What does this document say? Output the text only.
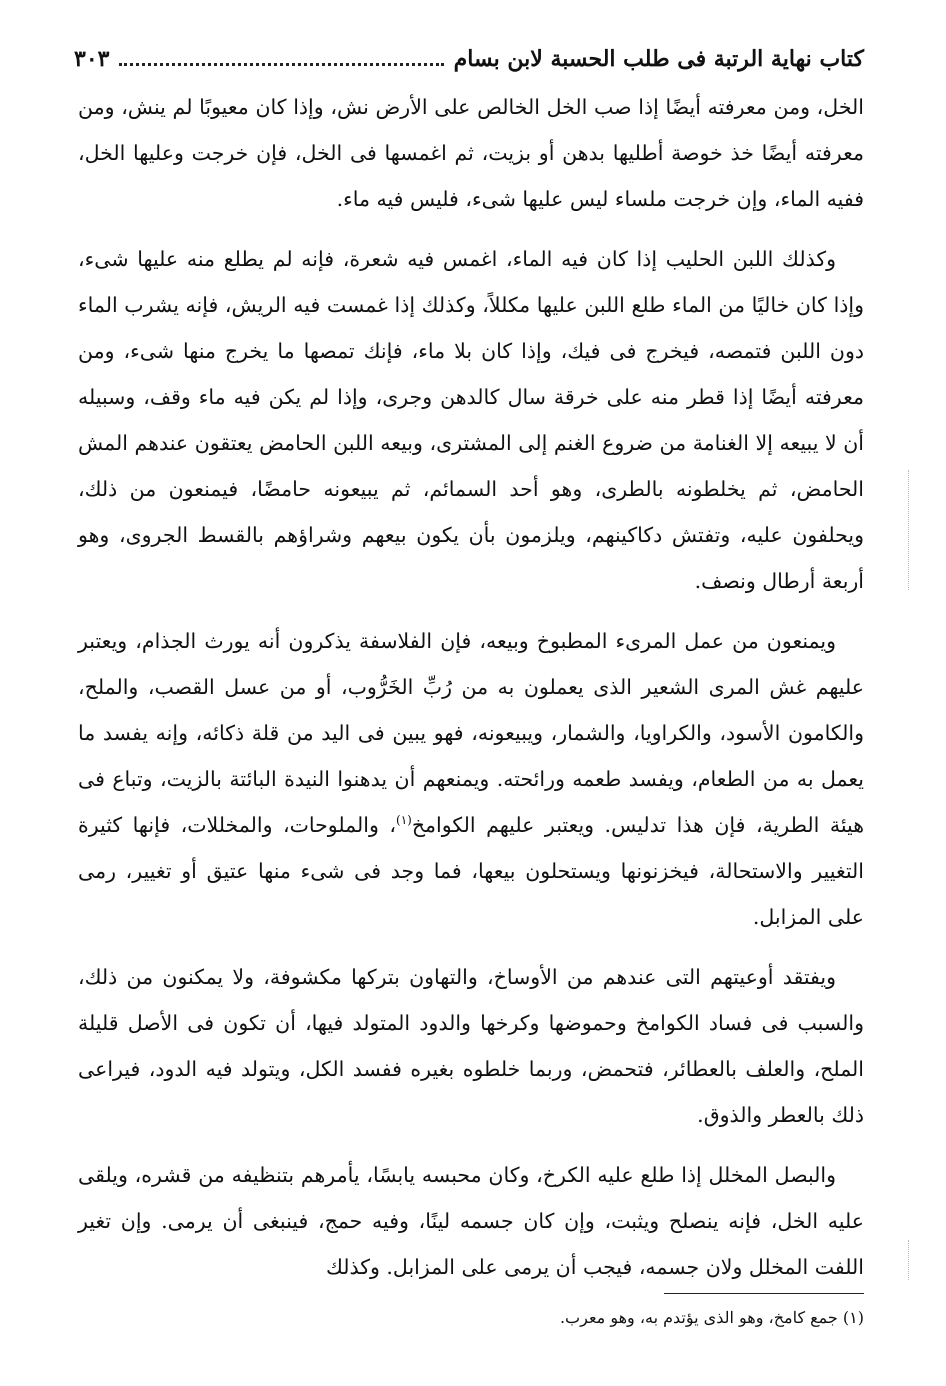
كتاب نهاية الرتبة فى طلب الحسبة لابن بسام
٣٠٣

الخل، ومن معرفته أيضًا إذا صب الخل الخالص على الأرض نش، وإذا كان معيوبًا لم ينش، ومن معرفته أيضًا خذ خوصة أطليها بدهن أو بزيت، ثم اغمسها فى الخل، فإن خرجت وعليها الخل، ففيه الماء، وإن خرجت ملساء ليس عليها شىء، فليس فيه ماء.

وكذلك اللبن الحليب إذا كان فيه الماء، اغمس فيه شعرة، فإنه لم يطلع منه عليها شىء، وإذا كان خاليًا من الماء طلع اللبن عليها مكللاً، وكذلك إذا غمست فيه الريش، فإنه يشرب الماء دون اللبن فتمصه، فيخرج فى فيك، وإذا كان بلا ماء، فإنك تمصها ما يخرج منها شىء، ومن معرفته أيضًا إذا قطر منه على خرقة سال كالدهن وجرى، وإذا لم يكن فيه ماء وقف، وسبيله أن لا يبيعه إلا الغنامة من ضروع الغنم إلى المشترى، وبيعه اللبن الحامض يعتقون عندهم المش الحامض، ثم يخلطونه بالطرى، وهو أحد السمائم، ثم يبيعونه حامضًا، فيمنعون من ذلك، ويحلفون عليه، وتفتش دكاكينهم، ويلزمون بأن يكون بيعهم وشراؤهم بالقسط الجروى، وهو أربعة أرطال ونصف.

ويمنعون من عمل المرىء المطبوخ وبيعه، فإن الفلاسفة يذكرون أنه يورث الجذام، ويعتبر عليهم غش المرى الشعير الذى يعملون به من رُبِّ الخَرُّوب، أو من عسل القصب، والملح، والكامون الأسود، والكراويا، والشمار، ويبيعونه، فهو يبين فى اليد من قلة ذكائه، وإنه يفسد ما يعمل به من الطعام، ويفسد طعمه ورائحته. ويمنعهم أن يدهنوا النيدة البائتة بالزيت، وتباع فى هيئة الطرية، فإن هذا تدليس. ويعتبر عليهم الكوامخ$^{(١)}$، والملوحات، والمخللات، فإنها كثيرة التغيير والاستحالة، فيخزنونها ويستحلون بيعها، فما وجد فى شىء منها عتيق أو تغيير، رمى على المزابل.

ويفتقد أوعيتهم التى عندهم من الأوساخ، والتهاون بتركها مكشوفة، ولا يمكنون من ذلك، والسبب فى فساد الكوامخ وحموضها وكرخها والدود المتولد فيها، أن تكون فى الأصل قليلة الملح، والعلف بالعطائر، فتحمض، وربما خلطوه بغيره ففسد الكل، ويتولد فيه الدود، فيراعى ذلك بالعطر والذوق.

والبصل المخلل إذا طلع عليه الكرخ، وكان محبسه يابسًا، يأمرهم بتنظيفه من قشره، ويلقى عليه الخل، فإنه ينصلح ويثبت، وإن كان جسمه لينًا، وفيه حمج، فينبغى أن يرمى. وإن تغير اللفت المخلل ولان جسمه، فيجب أن يرمى على المزابل. وكذلك

(١) جمع كامخ، وهو الذى يؤتدم به، وهو معرب.
